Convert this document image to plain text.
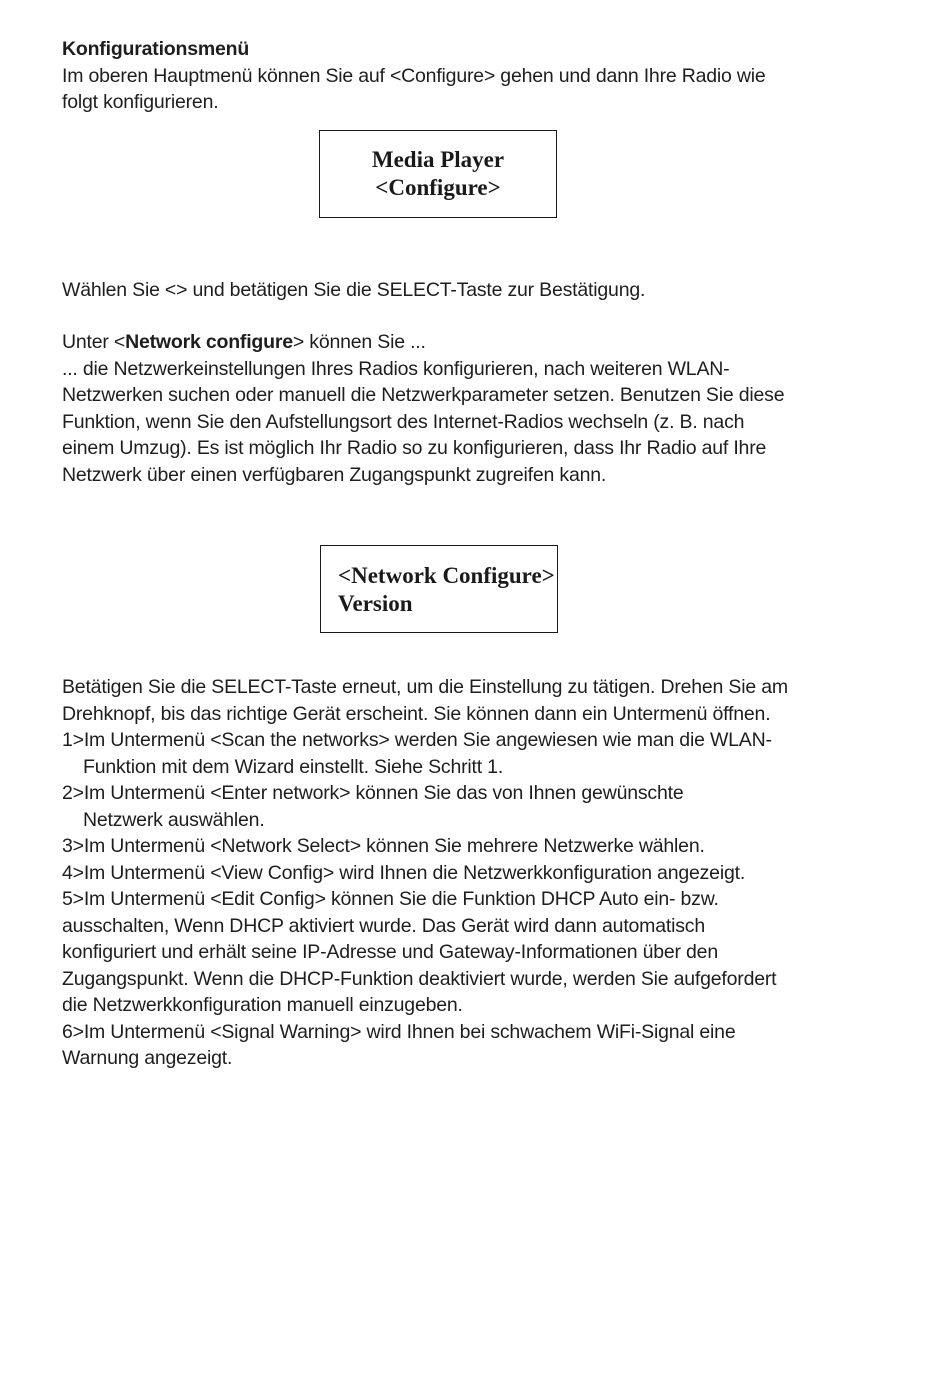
Konfigurationsmenü
Im oberen Hauptmenü können Sie auf <Configure> gehen und dann Ihre Radio wie
folgt konfigurieren.
Media Player
<Configure>
Wählen Sie <> und betätigen Sie die SELECT-Taste zur Bestätigung.
Unter <Network configure> können Sie ...
... die Netzwerkeinstellungen Ihres Radios konfigurieren, nach weiteren WLAN-
Netzwerken suchen oder manuell die Netzwerkparameter setzen. Benutzen Sie diese
Funktion, wenn Sie den Aufstellungsort des Internet-Radios wechseln (z. B. nach
einem Umzug). Es ist möglich Ihr Radio so zu konfigurieren, dass Ihr Radio auf Ihre
Netzwerk über einen verfügbaren Zugangspunkt zugreifen kann.
<Network Configure>
Version
Betätigen Sie die SELECT-Taste erneut, um die Einstellung zu tätigen. Drehen Sie am
Drehknopf, bis das richtige Gerät erscheint. Sie können dann ein Untermenü öffnen.
1>Im Untermenü <Scan the networks> werden Sie angewiesen wie man die WLAN-
Funktion mit dem Wizard einstellt. Siehe Schritt 1.
2>Im Untermenü <Enter network> können Sie das von Ihnen gewünschte
Netzwerk auswählen.
3>Im Untermenü <Network Select> können Sie mehrere Netzwerke wählen.
4>Im Untermenü <View Config> wird Ihnen die Netzwerkkonfiguration angezeigt.
5>Im Untermenü <Edit Config> können Sie die Funktion DHCP Auto ein- bzw.
ausschalten, Wenn DHCP aktiviert wurde. Das Gerät wird dann automatisch
konfiguriert und erhält seine IP-Adresse und Gateway-Informationen über den
Zugangspunkt. Wenn die DHCP-Funktion deaktiviert wurde, werden Sie aufgefordert
die Netzwerkkonfiguration manuell einzugeben.
6>Im Untermenü <Signal Warning> wird Ihnen bei schwachem WiFi-Signal eine
Warnung angezeigt.
